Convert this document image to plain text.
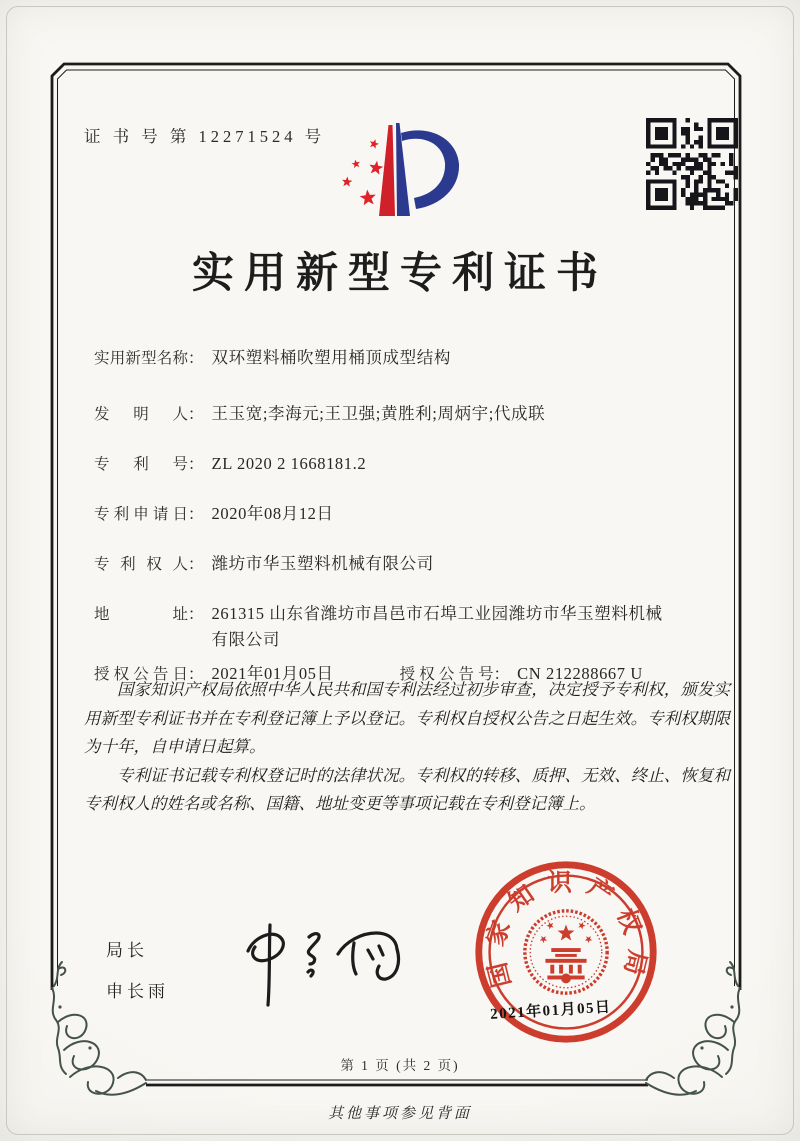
证 书 号 第 12271524 号
实用新型专利证书
实 用 新 型 名 称 ： 双环塑料桶吹塑用桶顶成型结构
发 明 人 ： 王玉宽;李海元;王卫强;黄胜利;周炳宇;代成联
专 利 号 ： ZL 2020 2 1668181.2
专 利 申 请 日 ： 2020年08月12日
专 利 权 人 ： 潍坊市华玉塑料机械有限公司
地	址 ： 261315 山东省潍坊市昌邑市石埠工业园潍坊市华玉塑料机械有限公司
授 权 公 告 日 ： 2021年01月05日	授 权 公 告 号 ： CN 212288667 U

国家知识产权局依照中华人民共和国专利法经过初步审查，决定授予专利权，颁发实用新型专利证书并在专利登记簿上予以登记。专利权自授权公告之日起生效。专利权期限为十年，自申请日起算。

专利证书记载专利权登记时的法律状况。专利权的转移、质押、无效、终止、恢复和专利权人的姓名或名称、国籍、地址变更等事项记载在专利登记簿上。

局长
申长雨
国家知识产权局
2021年01月05日
第 1 页 (共 2 页)
其他事项参见背面
